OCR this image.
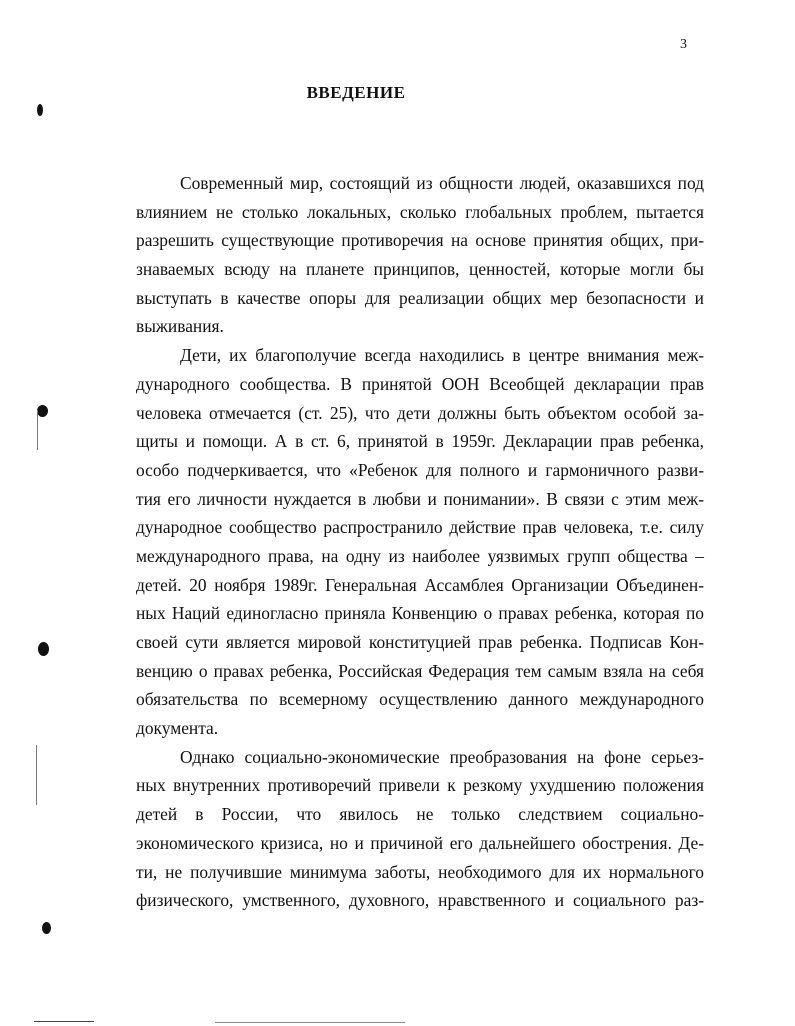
3
ВВЕДЕНИЕ
Современный мир, состоящий из общности людей, оказавшихся под
влиянием не столько локальных, сколько глобальных проблем, пытается
разрешить существующие противоречия на основе принятия общих, при-
знаваемых всюду на планете принципов, ценностей, которые могли бы
выступать в качестве опоры для реализации общих мер безопасности и
выживания.
Дети, их благополучие всегда находились в центре внимания меж-
дународного сообщества. В принятой ООН Всеобщей декларации прав
человека отмечается (ст. 25), что дети должны быть объектом особой за-
щиты и помощи. А в ст. 6, принятой в 1959г. Декларации прав ребенка,
особо подчеркивается, что «Ребенок для полного и гармоничного разви-
тия его личности нуждается в любви и понимании». В связи с этим меж-
дународное сообщество распространило действие прав человека, т.е. силу
международного права, на одну из наиболее уязвимых групп общества –
детей. 20 ноября 1989г. Генеральная Ассамблея Организации Объединен-
ных Наций единогласно приняла Конвенцию о правах ребенка, которая по
своей сути является мировой конституцией прав ребенка. Подписав Кон-
венцию о правах ребенка, Российская Федерация тем самым взяла на себя
обязательства по всемерному осуществлению данного международного
документа.
Однако социально-экономические преобразования на фоне серьез-
ных внутренних противоречий привели к резкому ухудшению положения
детей в России, что явилось не только следствием социально-
экономического кризиса, но и причиной его дальнейшего обострения. Де-
ти, не получившие минимума заботы, необходимого для их нормального
физического, умственного, духовного, нравственного и социального раз-
